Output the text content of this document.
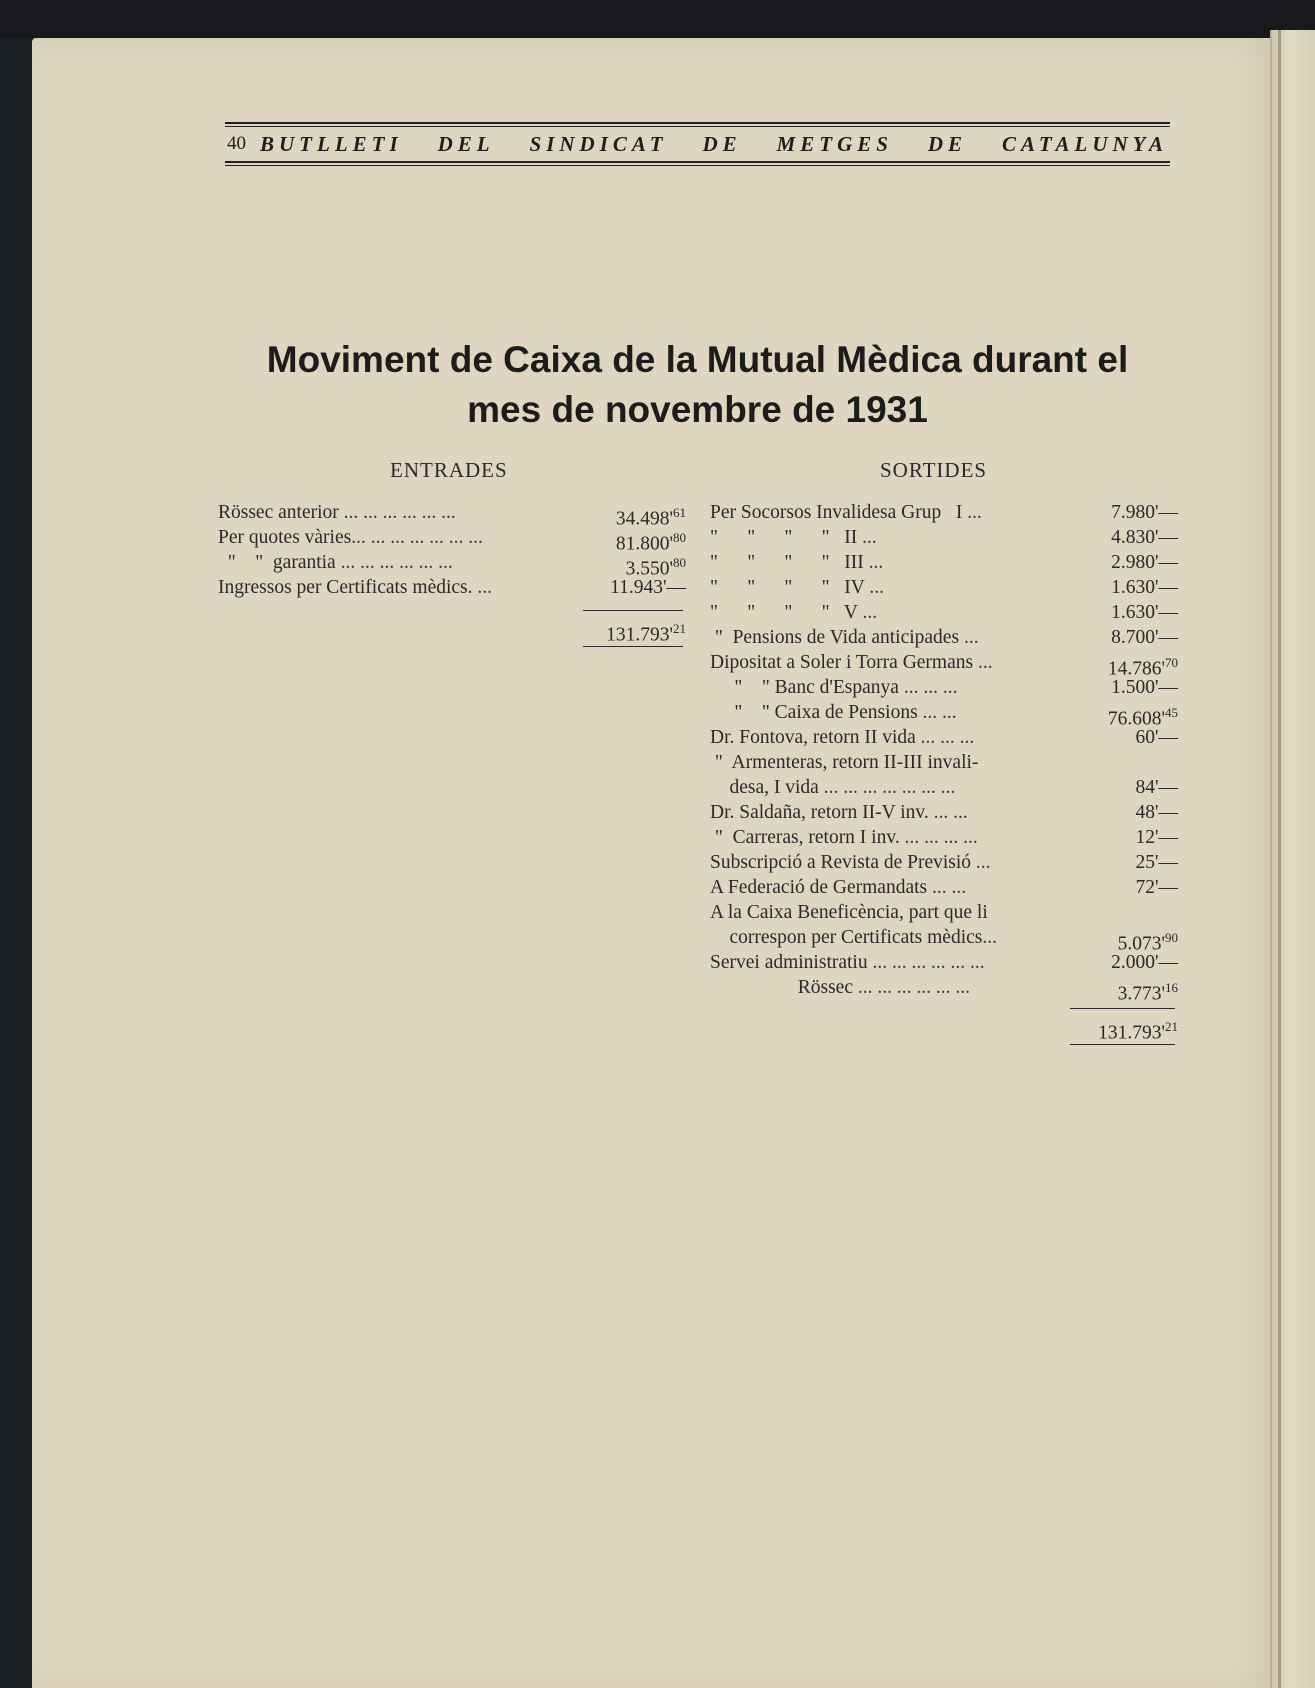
40 BUTLLETI DEL SINDICAT DE METGES DE CATALUNYA
Moviment de Caixa de la Mutual Mèdica durant el
mes de novembre de 1931
ENTRADES	SORTIDES
Rössec anterior ... ... ... ... ... ...	$34.498'^{61}$
Per quotes vàries... ... ... ... ... ... ...	$81.800'^{80}$
"    "  garantia ... ... ... ... ... ...	$3.550'^{80}$
Ingressos per Certificats mèdics. ...	11.943'—
$131.793'^{21}$
Per Socorsos Invalidesa Grup   I ...	7.980'—
"      "      "      "   II ...	4.830'—
"      "      "      "   III ...	2.980'—
"      "      "      "   IV ...	1.630'—
"      "      "      "   V ...	1.630'—
"  Pensions de Vida anticipades ...	8.700'—
Dipositat a Soler i Torra Germans ...	$14.786'^{70}$
"    " Banc d'Espanya ... ... ...	1.500'—
"    " Caixa de Pensions ... ...	$76.608'^{45}$
Dr. Fontova, retorn II vida ... ... ...	60'—
"  Armenteras, retorn II-III invali-
desa, I vida ... ... ... ... ... ... ...	84'—
Dr. Saldaña, retorn II-V inv. ... ...	48'—
"  Carreras, retorn I inv. ... ... ... ...	12'—
Subscripció a Revista de Previsió ...	25'—
A Federació de Germandats ... ...	72'—
A la Caixa Beneficència, part que li
correspon per Certificats mèdics...	$5.073'^{90}$
Servei administratiu ... ... ... ... ... ...	2.000'—
Rössec ... ... ... ... ... ...	$3.773'^{16}$
$131.793'^{21}$
